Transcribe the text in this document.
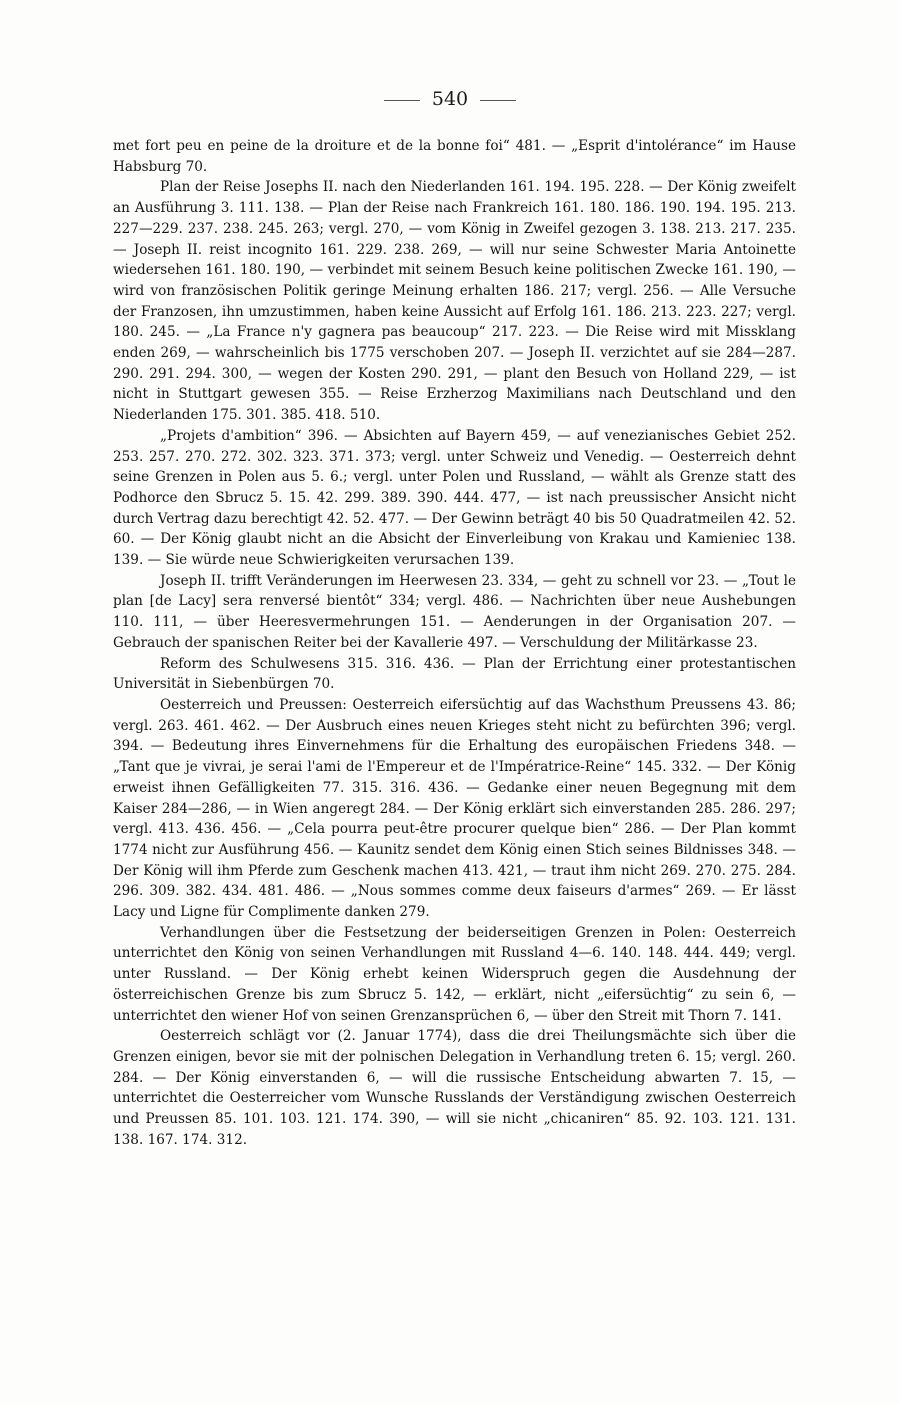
540

met fort peu en peine de la droiture et de la bonne foi“ 481. — „Esprit d'intolérance“ im Hause Habsburg 70.

Plan der Reise Josephs II. nach den Niederlanden 161. 194. 195. 228. — Der König zweifelt an Ausführung 3. 111. 138. — Plan der Reise nach Frankreich 161. 180. 186. 190. 194. 195. 213. 227—229. 237. 238. 245. 263; vergl. 270, — vom König in Zweifel gezogen 3. 138. 213. 217. 235. — Joseph II. reist incognito 161. 229. 238. 269, — will nur seine Schwester Maria Antoinette wiedersehen 161. 180. 190, — verbindet mit seinem Besuch keine politischen Zwecke 161. 190, — wird von französischen Politik geringe Meinung erhalten 186. 217; vergl. 256. — Alle Versuche der Franzosen, ihn umzustimmen, haben keine Aussicht auf Erfolg 161. 186. 213. 223. 227; vergl. 180. 245. — „La France n'y gagnera pas beaucoup“ 217. 223. — Die Reise wird mit Missklang enden 269, — wahrscheinlich bis 1775 verschoben 207. — Joseph II. verzichtet auf sie 284—287. 290. 291. 294. 300, — wegen der Kosten 290. 291, — plant den Besuch von Holland 229, — ist nicht in Stuttgart gewesen 355. — Reise Erzherzog Maximilians nach Deutschland und den Niederlanden 175. 301. 385. 418. 510.

„Projets d'ambition“ 396. — Absichten auf Bayern 459, — auf venezianisches Gebiet 252. 253. 257. 270. 272. 302. 323. 371. 373; vergl. unter Schweiz und Venedig. — Oesterreich dehnt seine Grenzen in Polen aus 5. 6.; vergl. unter Polen und Russland, — wählt als Grenze statt des Podhorce den Sbrucz 5. 15. 42. 299. 389. 390. 444. 477, — ist nach preussischer Ansicht nicht durch Vertrag dazu berechtigt 42. 52. 477. — Der Gewinn beträgt 40 bis 50 Quadratmeilen 42. 52. 60. — Der König glaubt nicht an die Absicht der Einverleibung von Krakau und Kamieniec 138. 139. — Sie würde neue Schwierigkeiten verursachen 139.

Joseph II. trifft Veränderungen im Heerwesen 23. 334, — geht zu schnell vor 23. — „Tout le plan [de Lacy] sera renversé bientôt“ 334; vergl. 486. — Nachrichten über neue Aushebungen 110. 111, — über Heeresvermehrungen 151. — Aenderungen in der Organisation 207. — Gebrauch der spanischen Reiter bei der Kavallerie 497. — Verschuldung der Militärkasse 23.

Reform des Schulwesens 315. 316. 436. — Plan der Errichtung einer protestantischen Universität in Siebenbürgen 70.

Oesterreich und Preussen: Oesterreich eifersüchtig auf das Wachsthum Preussens 43. 86; vergl. 263. 461. 462. — Der Ausbruch eines neuen Krieges steht nicht zu befürchten 396; vergl. 394. — Bedeutung ihres Einvernehmens für die Erhaltung des europäischen Friedens 348. — „Tant que je vivrai, je serai l'ami de l'Empereur et de l'Impératrice-Reine“ 145. 332. — Der König erweist ihnen Gefälligkeiten 77. 315. 316. 436. — Gedanke einer neuen Begegnung mit dem Kaiser 284—286, — in Wien angeregt 284. — Der König erklärt sich einverstanden 285. 286. 297; vergl. 413. 436. 456. — „Cela pourra peut-être procurer quelque bien“ 286. — Der Plan kommt 1774 nicht zur Ausführung 456. — Kaunitz sendet dem König einen Stich seines Bildnisses 348. — Der König will ihm Pferde zum Geschenk machen 413. 421, — traut ihm nicht 269. 270. 275. 284. 296. 309. 382. 434. 481. 486. — „Nous sommes comme deux faiseurs d'armes“ 269. — Er lässt Lacy und Ligne für Complimente danken 279.

Verhandlungen über die Festsetzung der beiderseitigen Grenzen in Polen: Oesterreich unterrichtet den König von seinen Verhandlungen mit Russland 4—6. 140. 148. 444. 449; vergl. unter Russland. — Der König erhebt keinen Widerspruch gegen die Ausdehnung der österreichischen Grenze bis zum Sbrucz 5. 142, — erklärt, nicht „eifersüchtig“ zu sein 6, — unterrichtet den wiener Hof von seinen Grenzansprüchen 6, — über den Streit mit Thorn 7. 141.

Oesterreich schlägt vor (2. Januar 1774), dass die drei Theilungsmächte sich über die Grenzen einigen, bevor sie mit der polnischen Delegation in Verhandlung treten 6. 15; vergl. 260. 284. — Der König einverstanden 6, — will die russische Entscheidung abwarten 7. 15, — unterrichtet die Oesterreicher vom Wunsche Russlands der Verständigung zwischen Oesterreich und Preussen 85. 101. 103. 121. 174. 390, — will sie nicht „chicaniren“ 85. 92. 103. 121. 131. 138. 167. 174. 312.
